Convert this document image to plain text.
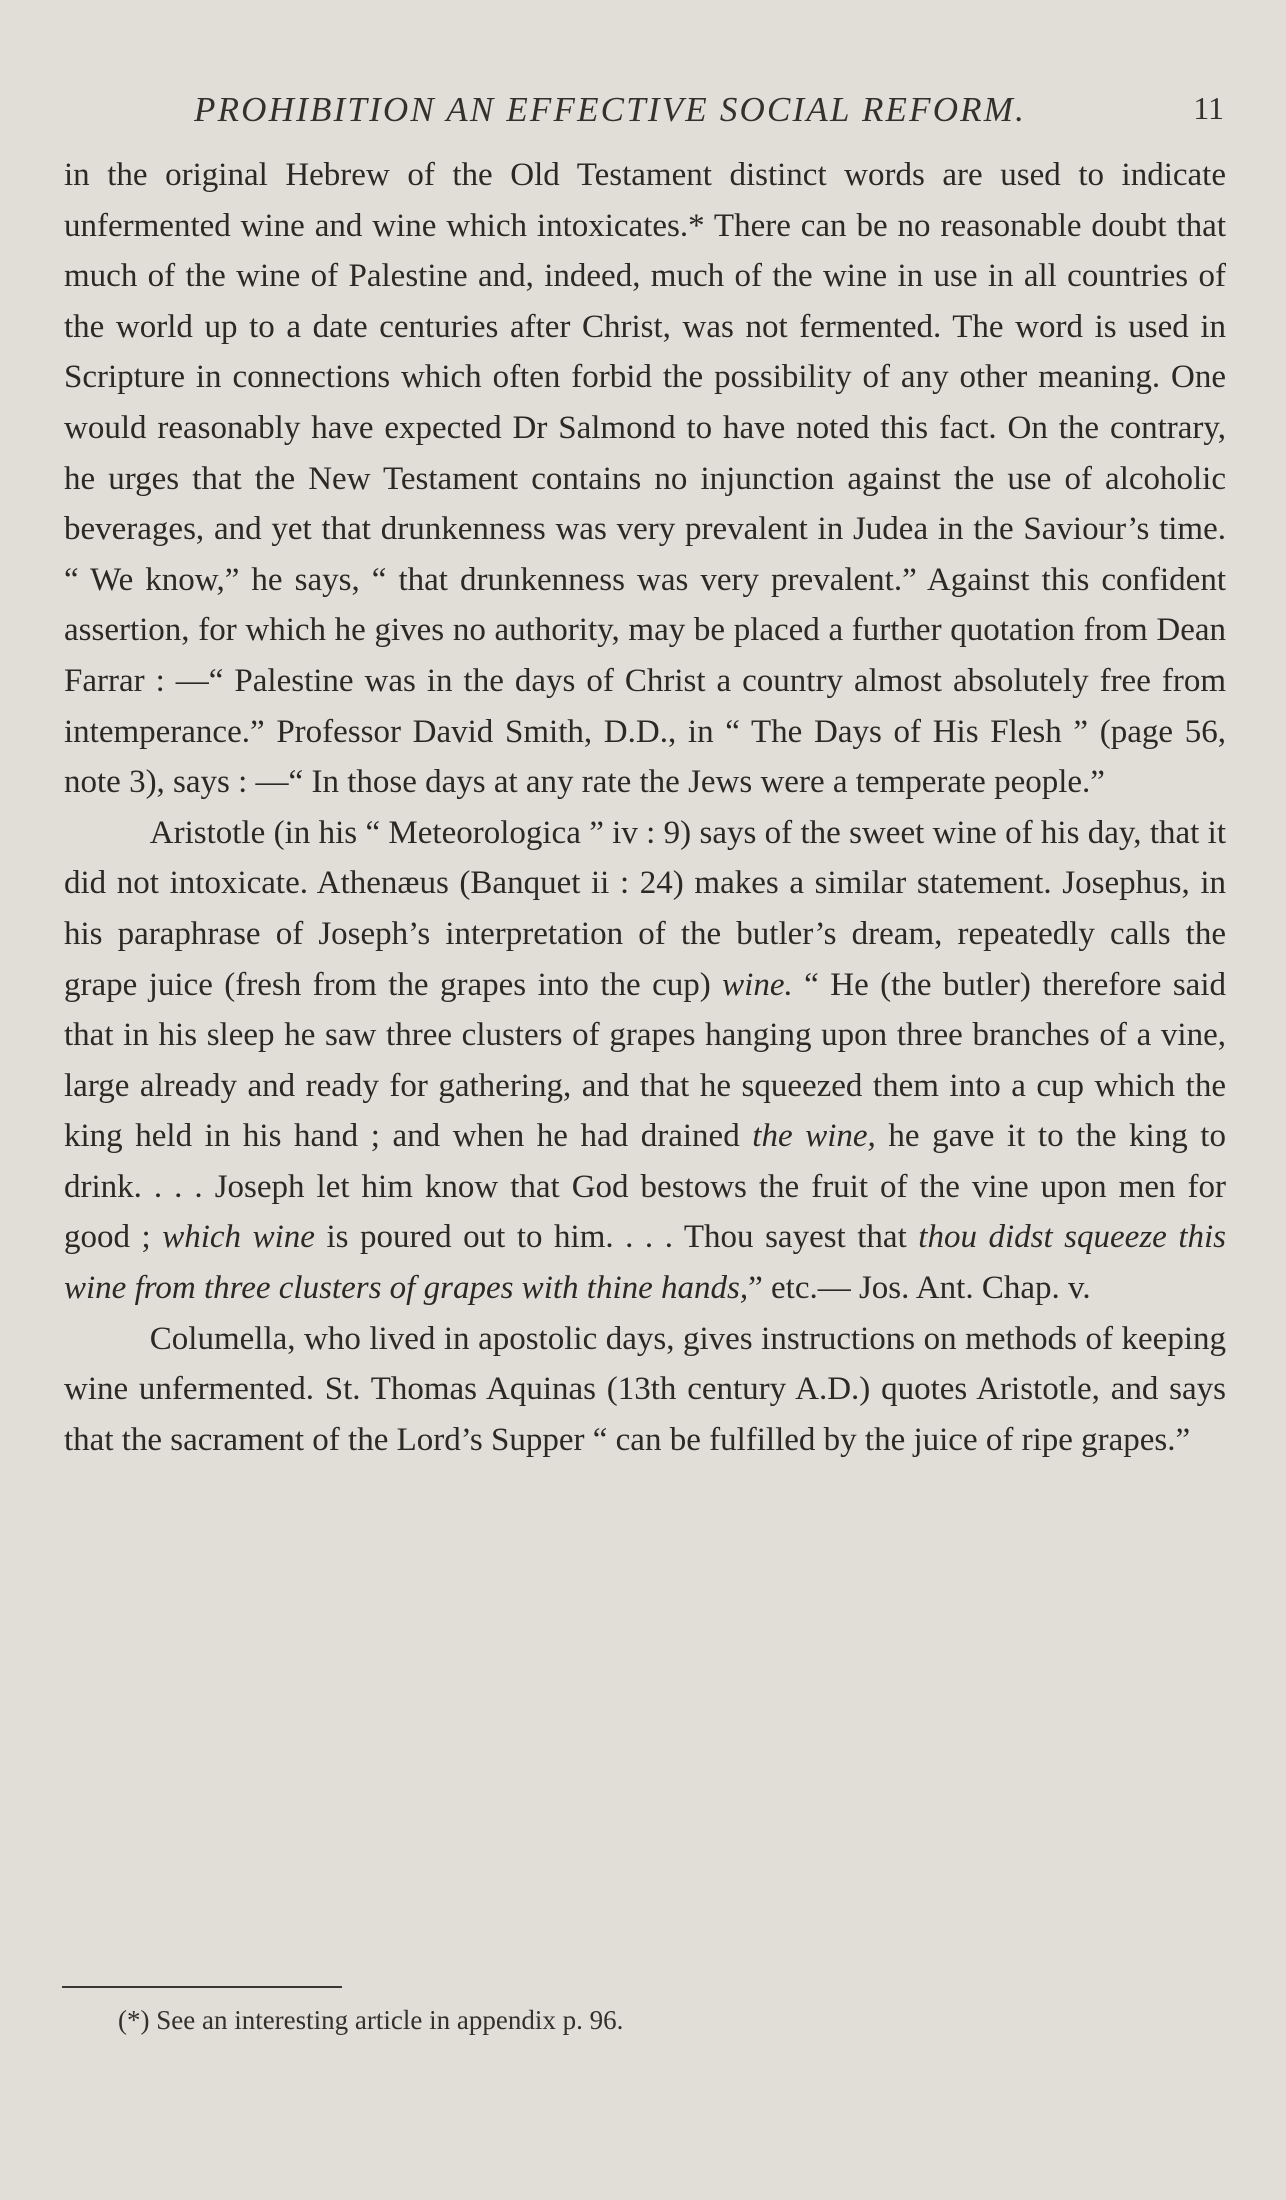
PROHIBITION AN EFFECTIVE SOCIAL REFORM.	11

in the original Hebrew of the Old Testament distinct words are used to indicate unfermented wine and wine which intoxicates.* There can be no reasonable doubt that much of the wine of Palestine and, indeed, much of the wine in use in all countries of the world up to a date centuries after Christ, was not fermented. The word is used in Scripture in connections which often forbid the possibility of any other meaning. One would reasonably have expected Dr Salmond to have noted this fact. On the contrary, he urges that the New Testament contains no injunction against the use of alcoholic beverages, and yet that drunkenness was very prevalent in Judea in the Saviour’s time. “ We know,” he says, “ that drunkenness was very prevalent.” Against this confident assertion, for which he gives no authority, may be placed a further quotation from Dean Farrar : —“ Palestine was in the days of Christ a country almost absolutely free from intemperance.” Professor David Smith, D.D., in “ The Days of His Flesh ” (page 56, note 3), says : —“ In those days at any rate the Jews were a temperate people.”

Aristotle (in his “ Meteorologica ” iv : 9) says of the sweet wine of his day, that it did not intoxicate. Athenæus (Banquet ii : 24) makes a similar statement. Josephus, in his paraphrase of Joseph’s interpretation of the butler’s dream, repeatedly calls the grape juice (fresh from the grapes into the cup) wine. “ He (the butler) therefore said that in his sleep he saw three clusters of grapes hanging upon three branches of a vine, large already and ready for gathering, and that he squeezed them into a cup which the king held in his hand ; and when he had drained the wine, he gave it to the king to drink. . . . Joseph let him know that God bestows the fruit of the vine upon men for good ; which wine is poured out to him. . . . Thou sayest that thou didst squeeze this wine from three clusters of grapes with thine hands,” etc.— Jos. Ant. Chap. v.

Columella, who lived in apostolic days, gives instructions on methods of keeping wine unfermented. St. Thomas Aquinas (13th century A.D.) quotes Aristotle, and says that the sacrament of the Lord’s Supper “ can be fulfilled by the juice of ripe grapes.”

(*) See an interesting article in appendix p. 96.
